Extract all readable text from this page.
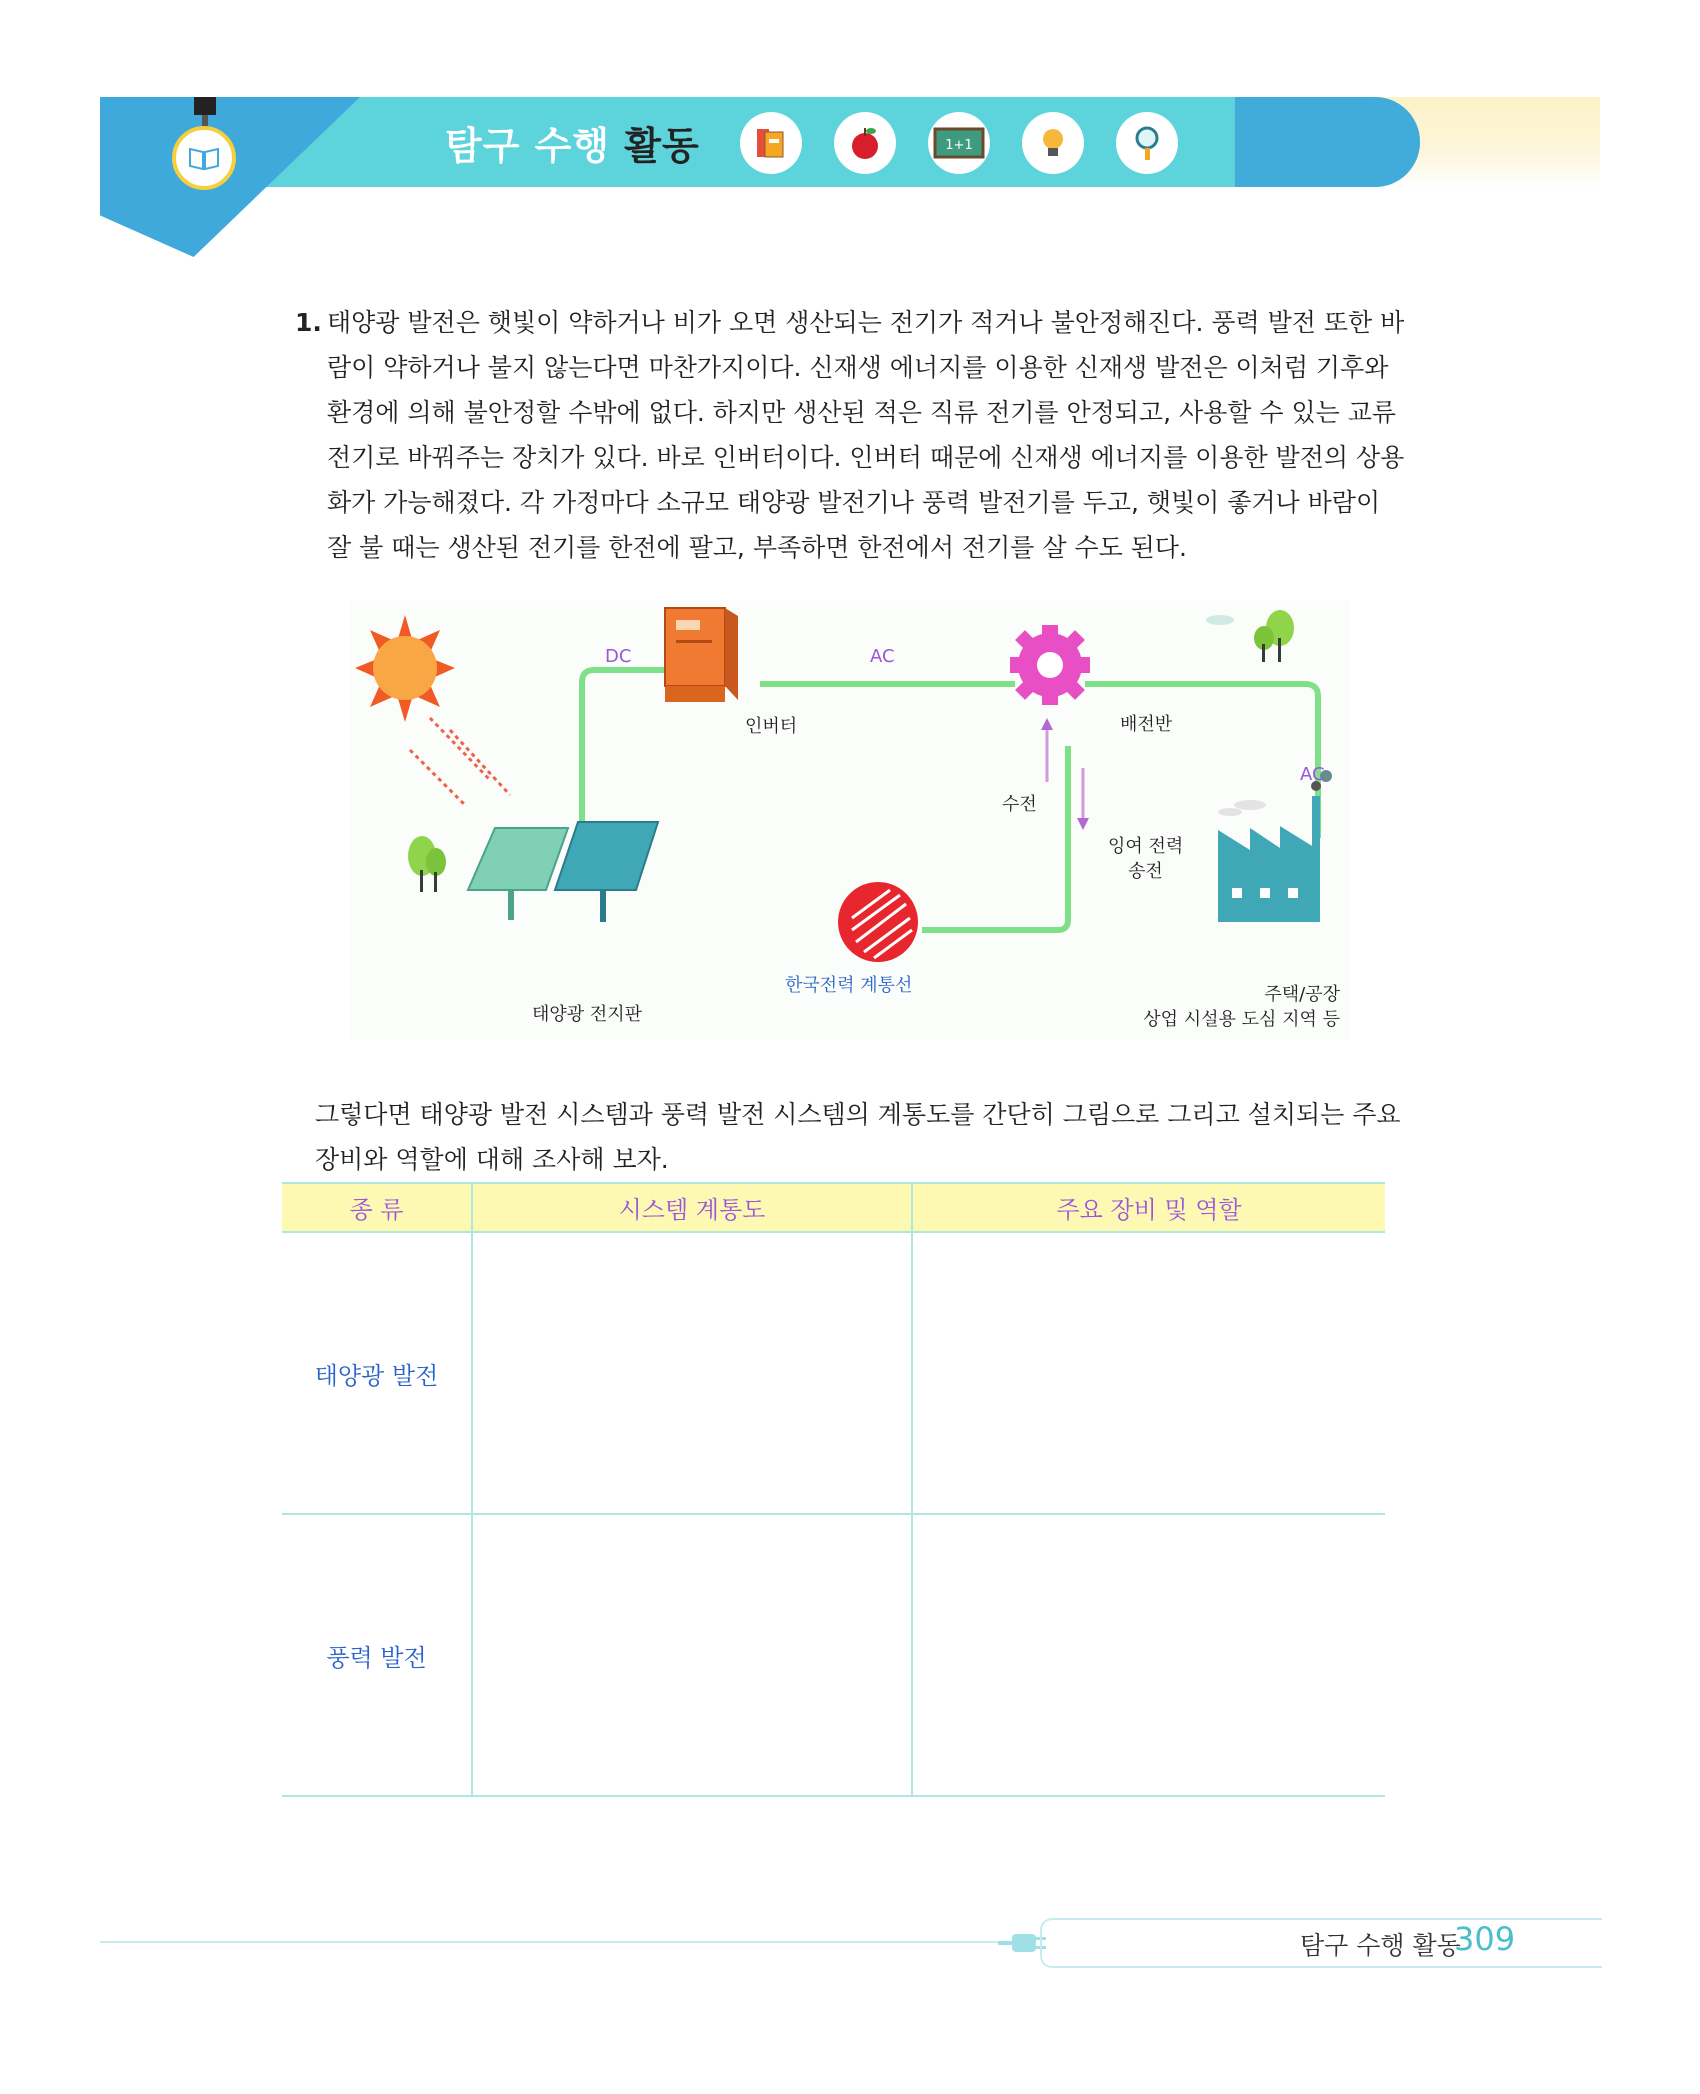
탐구 수행 활동	1+1
1. 태양광 발전은 햇빛이 약하거나 비가 오면 생산되는 전기가 적거나 불안정해진다. 풍력 발전 또한 바람이 약하거나 불지 않는다면 마찬가지이다. 신재생 에너지를 이용한 신재생 발전은 이처럼 기후와 환경에 의해 불안정할 수밖에 없다. 하지만 생산된 적은 직류 전기를 안정되고, 사용할 수 있는 교류 전기로 바꿔주는 장치가 있다. 바로 인버터이다. 인버터 때문에 신재생 에너지를 이용한 발전의 상용화가 가능해졌다. 각 가정마다 소규모 태양광 발전기나 풍력 발전기를 두고, 햇빛이 좋거나 바람이 잘 불 때는 생산된 전기를 한전에 팔고, 부족하면 한전에서 전기를 살 수도 된다.
DC	AC
인버터	배전반
AC
수전
잉여 전력
송전
한국전력 계통선
태양광 전지판
주택/공장
상업 시설용 도심 지역 등
그렇다면 태양광 발전 시스템과 풍력 발전 시스템의 계통도를 간단히 그림으로 그리고 설치되는 주요 장비와 역할에 대해 조사해 보자.
종 류	시스템 계통도	주요 장비 및 역할
태양광 발전		
풍력 발전		
탐구 수행 활동
309
